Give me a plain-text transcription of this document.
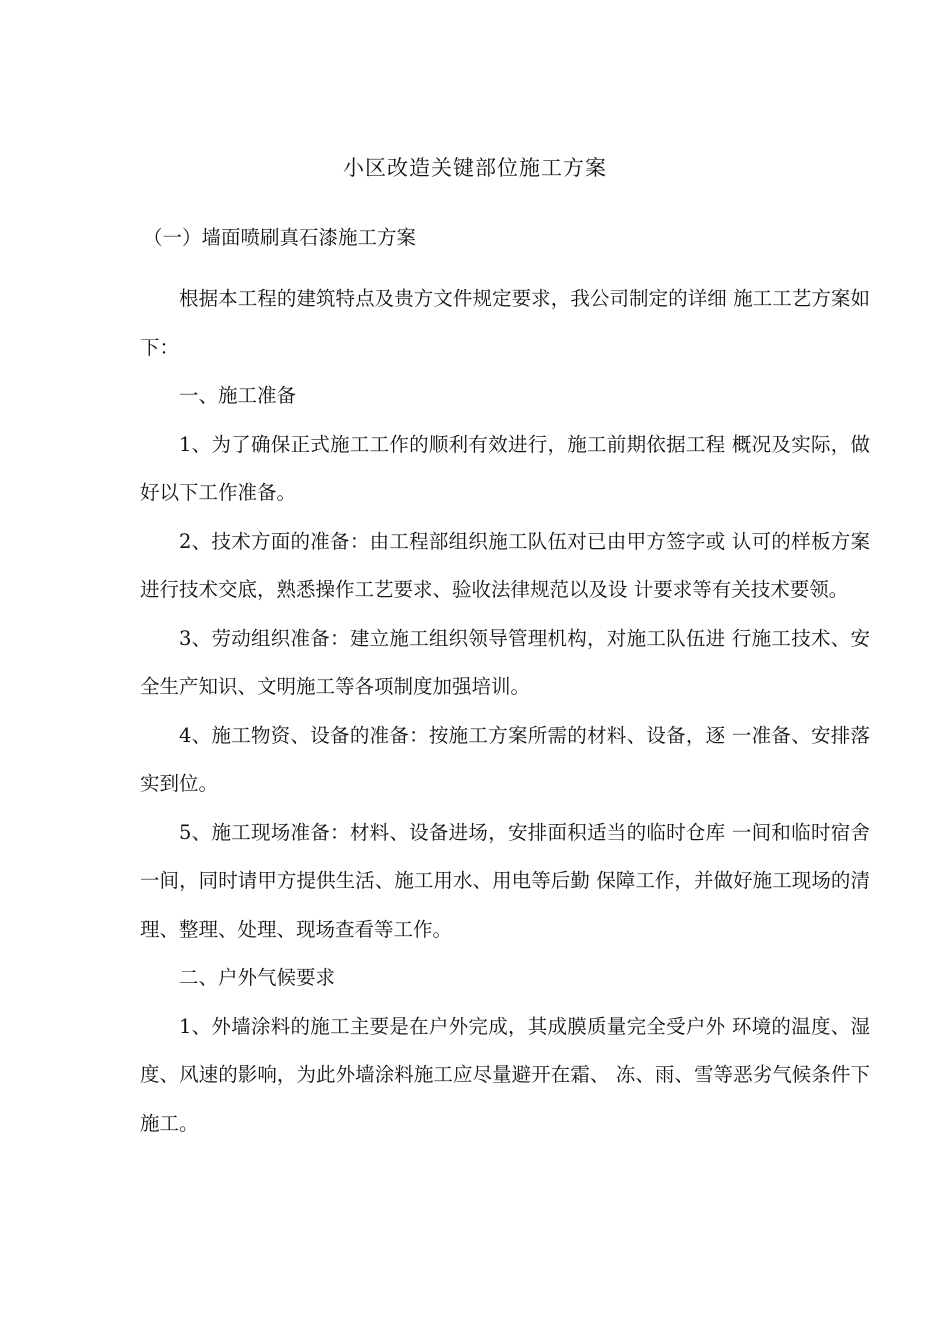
小区改造关键部位施工方案
（一）墙面喷刷真石漆施工方案

根据本工程的建筑特点及贵方文件规定要求，我公司制定的详细 施工工艺方案如下：

一、施工准备

1、为了确保正式施工工作的顺利有效进行，施工前期依据工程 概况及实际，做好以下工作准备。

2、技术方面的准备：由工程部组织施工队伍对已由甲方签字或 认可的样板方案进行技术交底，熟悉操作工艺要求、验收法律规范以及设 计要求等有关技术要领。

3、劳动组织准备：建立施工组织领导管理机构，对施工队伍进 行施工技术、安全生产知识、文明施工等各项制度加强培训。

4、施工物资、设备的准备：按施工方案所需的材料、设备，逐 一准备、安排落实到位。

5、施工现场准备：材料、设备进场，安排面积适当的临时仓库 一间和临时宿舍一间，同时请甲方提供生活、施工用水、用电等后勤 保障工作，并做好施工现场的清理、整理、处理、现场查看等工作。

二、户外气候要求

1、外墙涂料的施工主要是在户外完成，其成膜质量完全受户外 环境的温度、湿度、风速的影响，为此外墙涂料施工应尽量避开在霜、 冻、雨、雪等恶劣气候条件下施工。
